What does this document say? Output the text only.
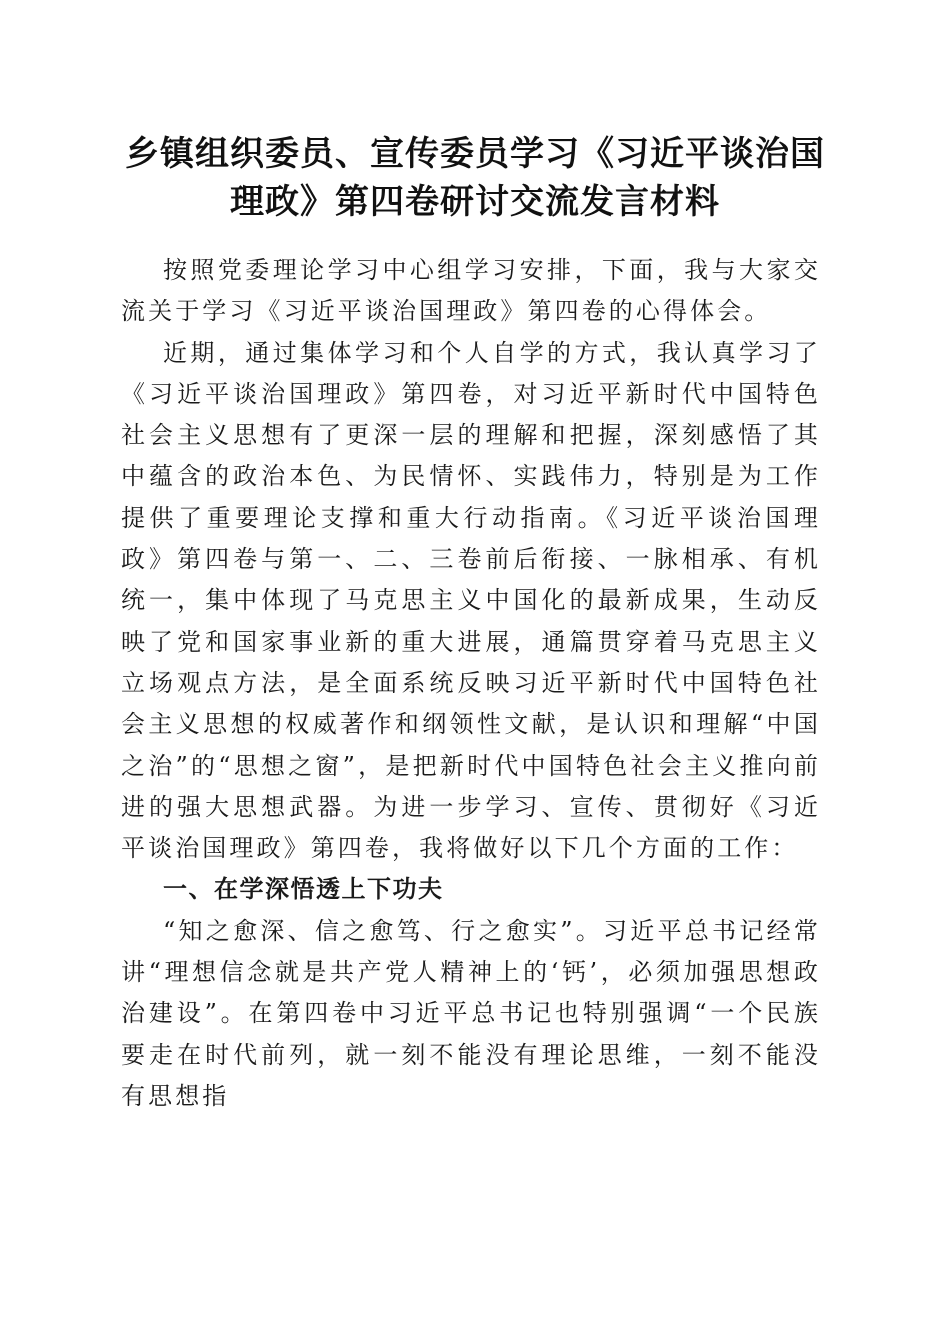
乡镇组织委员、宣传委员学习《习近平谈治国理政》第四卷研讨交流发言材料

按照党委理论学习中心组学习安排，下面，我与大家交流关于学习《习近平谈治国理政》第四卷的心得体会。

近期，通过集体学习和个人自学的方式，我认真学习了《习近平谈治国理政》第四卷，对习近平新时代中国特色社会主义思想有了更深一层的理解和把握，深刻感悟了其中蕴含的政治本色、为民情怀、实践伟力，特别是为工作提供了重要理论支撑和重大行动指南。《习近平谈治国理政》第四卷与第一、二、三卷前后衔接、一脉相承、有机统一，集中体现了马克思主义中国化的最新成果，生动反映了党和国家事业新的重大进展，通篇贯穿着马克思主义立场观点方法，是全面系统反映习近平新时代中国特色社会主义思想的权威著作和纲领性文献，是认识和理解“中国之治”的“思想之窗”，是把新时代中国特色社会主义推向前进的强大思想武器。为进一步学习、宣传、贯彻好《习近平谈治国理政》第四卷，我将做好以下几个方面的工作：

一、在学深悟透上下功夫

“知之愈深、信之愈笃、行之愈实”。习近平总书记经常讲“理想信念就是共产党人精神上的‘钙’，必须加强思想政治建设”。在第四卷中习近平总书记也特别强调“一个民族要走在时代前列，就一刻不能没有理论思维，一刻不能没有思想指
